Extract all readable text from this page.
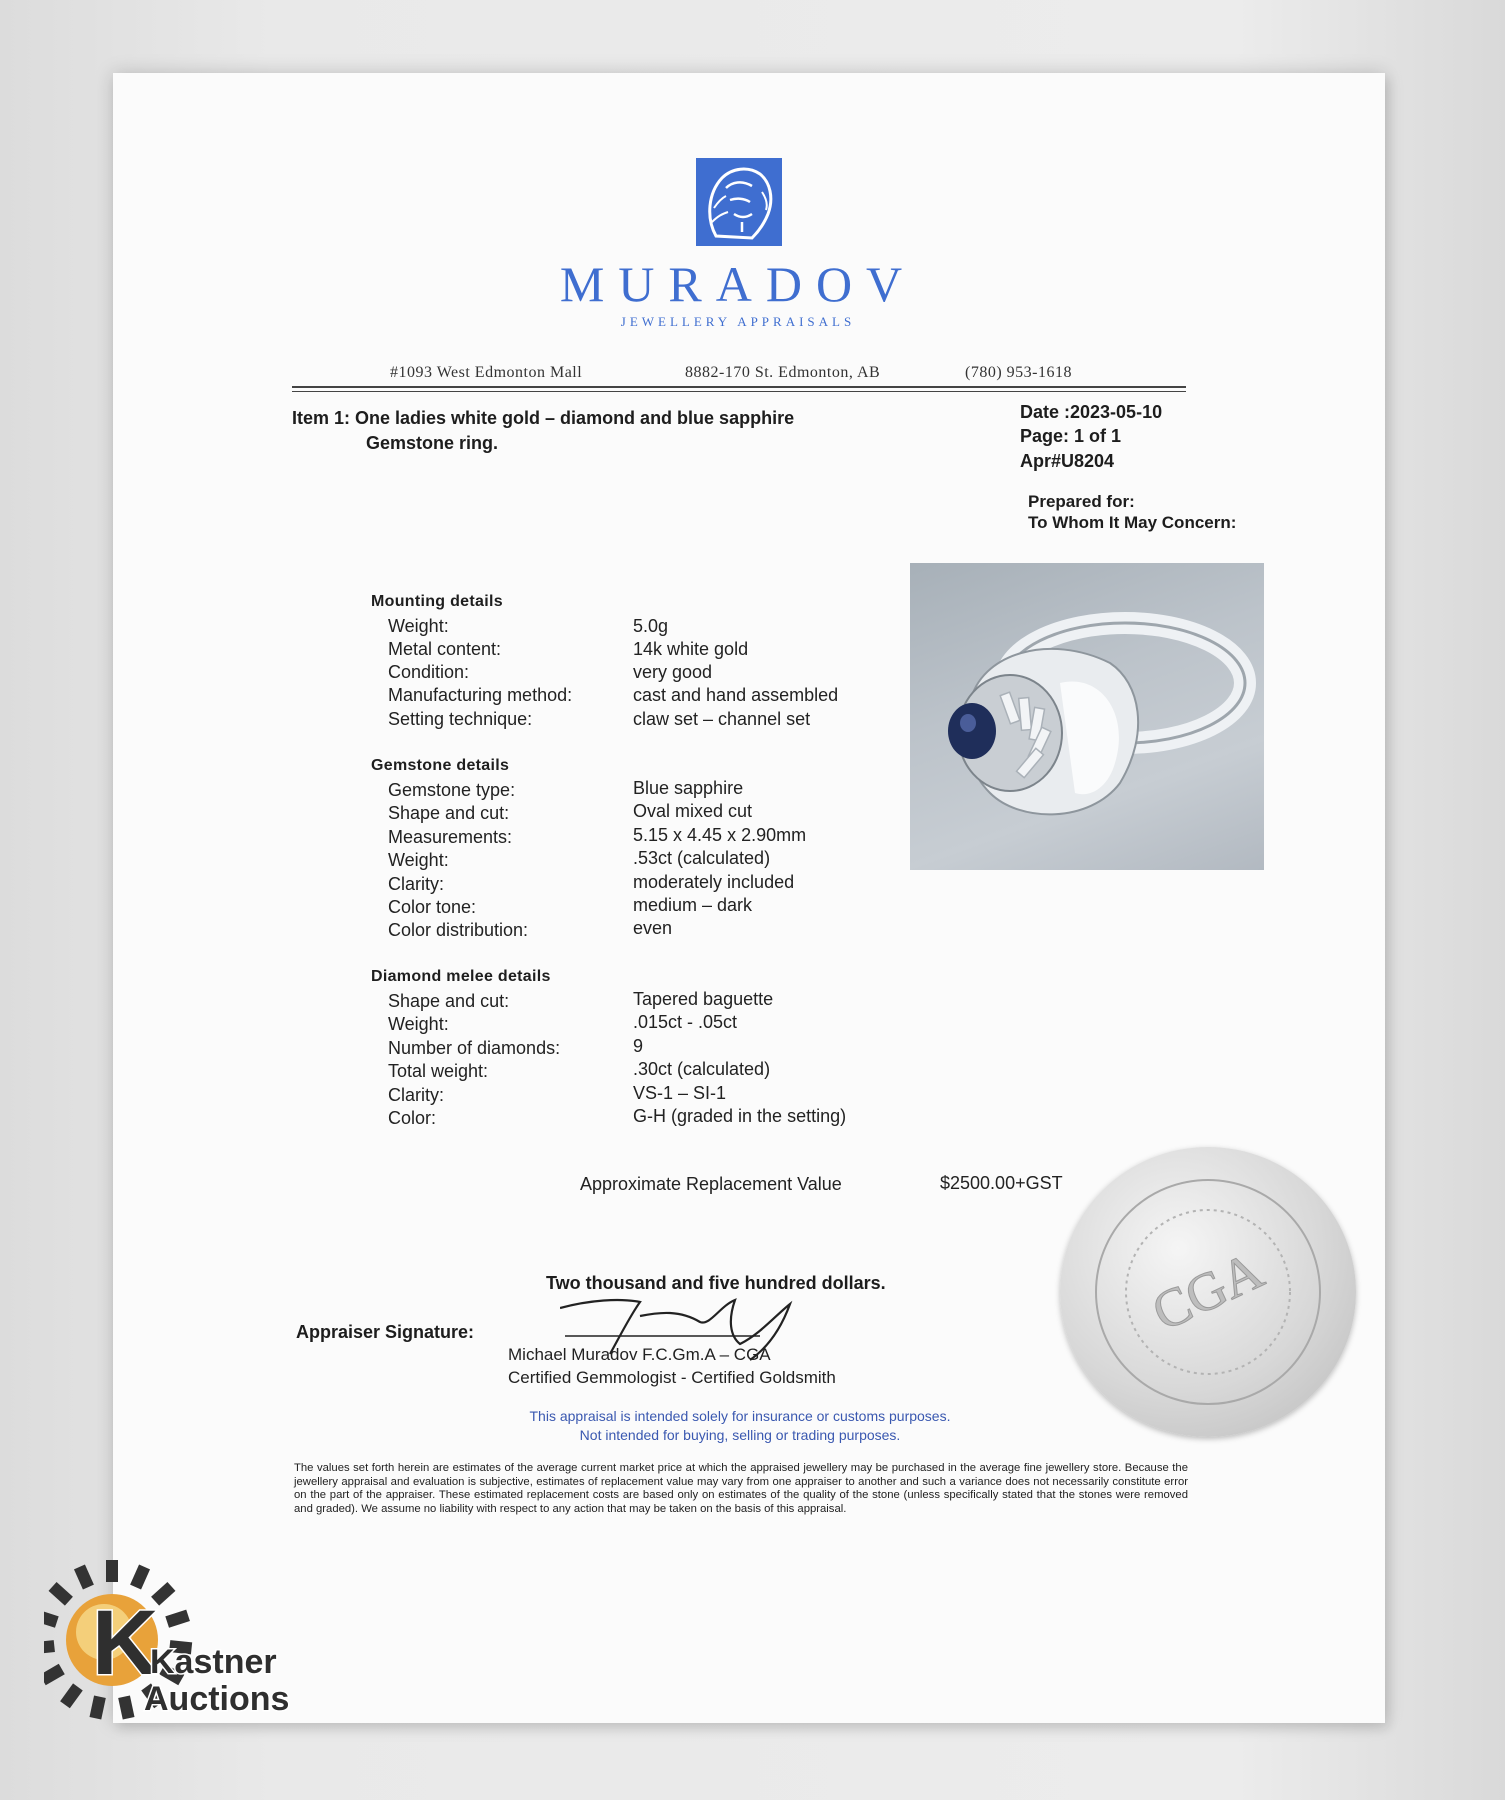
MURADOV
JEWELLERY APPRAISALS
#1093 West Edmonton Mall	8882-170 St. Edmonton, AB	(780) 953-1618
Item 1: One ladies white gold – diamond and blue sapphire
Gemstone ring.
Date :2023-05-10
Page: 1 of 1
Apr#U8204
Prepared for:
To Whom It May Concern:
Mounting details
Weight:	5.0g
Metal content:	14k white gold
Condition:	very good
Manufacturing method:	cast and hand assembled
Setting technique:	claw set – channel set
Gemstone details
Gemstone type:	Blue sapphire
Shape and cut:	Oval mixed cut
Measurements:	5.15 x 4.45 x 2.90mm
Weight:	.53ct (calculated)
Clarity:	moderately included
Color tone:	medium – dark
Color distribution:	even
Diamond melee details
Shape and cut:	Tapered baguette
Weight:	.015ct - .05ct
Number of diamonds:	9
Total weight:	.30ct (calculated)
Clarity:	VS-1 – SI-1
Color:	G-H (graded in the setting)
Approximate Replacement Value	$2500.00+GST
CGA
Two thousand and five hundred dollars.
Appraiser Signature:
Michael Muradov F.C.Gm.A – CGA
Certified Gemmologist - Certified Goldsmith
This appraisal is intended solely for insurance or customs purposes.
Not intended for buying, selling or trading purposes.
The values set forth herein are estimates of the average current market price at which the appraised jewellery may be purchased in the average fine jewellery store. Because the jewellery appraisal and evaluation is subjective, estimates of replacement value may vary from one appraiser to another and such a variance does not necessarily constitute error on the part of the appraiser. These estimated replacement costs are based only on estimates of the quality of the stone (unless specifically stated that the stones were removed and graded). We assume no liability with respect to any action that may be taken on the basis of this appraisal.
K
Kastner
Auctions
